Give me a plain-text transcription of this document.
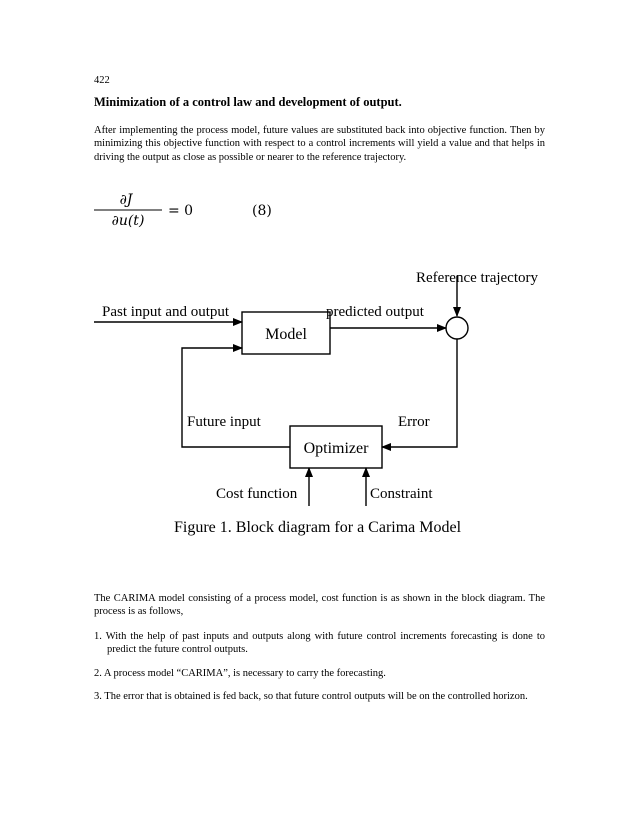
422
Minimization of a control law and development of output.

After implementing the process model, future values are substituted back into objective function. Then by minimizing this objective function with respect to a control increments will yield a value and that helps in driving the output as close as possible or nearer to the reference trajectory.

∂J
∂u(t)
= 0	(8)
Reference trajectory
Past input and output	predicted output
Model
Future input	Error
Optimizer
Cost function	Constraint
Figure 1. Block diagram for a Carima Model

The CARIMA model consisting of a process model, cost function is as shown in the block diagram. The process is as follows,

1. With the help of past inputs and outputs along with future control increments forecasting is done to predict the future control outputs.
2. A process model “CARIMA”, is necessary to carry the forecasting.
3. The error that is obtained is fed back, so that future control outputs will be on the controlled horizon.
